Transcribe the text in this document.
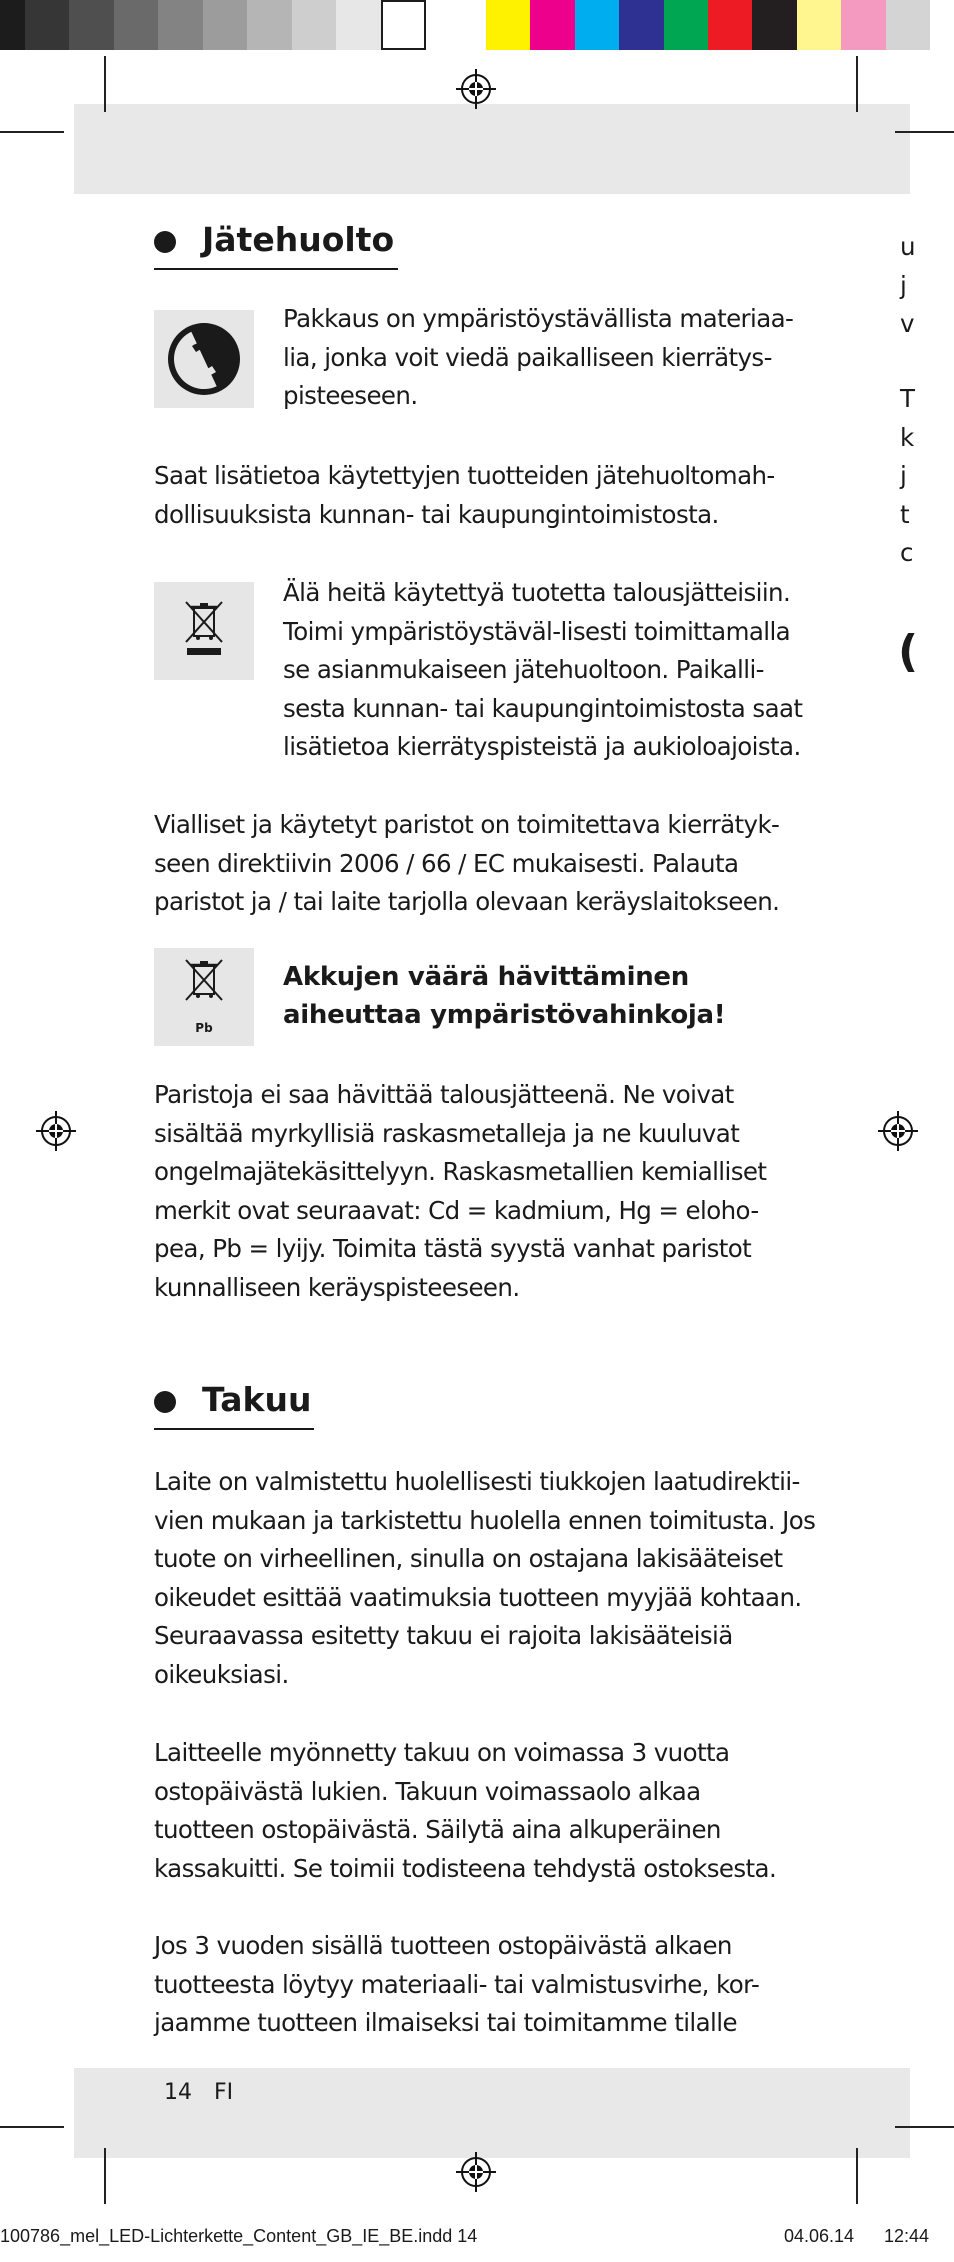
Jätehuolto
Pakkaus on ympäristöystävällista materiaa-
lia, jonka voit viedä paikalliseen kierrätys-
pisteeseen.
Saat lisätietoa käytettyjen tuotteiden jätehuoltomah-
dollisuuksista kunnan- tai kaupungintoimistosta.
Älä heitä käytettyä tuotetta talousjätteisiin.
Toimi ympäristöystäväl-lisesti toimittamalla
se asianmukaiseen jätehuoltoon. Paikalli-
sesta kunnan- tai kaupungintoimistosta saat
lisätietoa kierrätyspisteistä ja aukioloajoista.
Vialliset ja käytetyt paristot on toimitettava kierrätyk-
seen direktiivin 2006 / 66 / EC mukaisesti. Palauta
paristot ja / tai laite tarjolla olevaan keräyslaitokseen.
Pb
Akkujen väärä hävittäminen
aiheuttaa ympäristövahinkoja!
Paristoja ei saa hävittää talousjätteenä. Ne voivat
sisältää myrkyllisiä raskasmetalleja ja ne kuuluvat
ongelmajätekäsittelyyn. Raskasmetallien kemialliset
merkit ovat seuraavat: Cd = kadmium, Hg = eloho-
pea, Pb = lyijy. Toimita tästä syystä vanhat paristot
kunnalliseen keräyspisteeseen.
Takuu
Laite on valmistettu huolellisesti tiukkojen laatudirektii-
vien mukaan ja tarkistettu huolella ennen toimitusta. Jos
tuote on virheellinen, sinulla on ostajana lakisääteiset
oikeudet esittää vaatimuksia tuotteen myyjää kohtaan.
Seuraavassa esitetty takuu ei rajoita lakisääteisiä
oikeuksiasi.
Laitteelle myönnetty takuu on voimassa 3 vuotta
ostopäivästä lukien. Takuun voimassaolo alkaa
tuotteen ostopäivästä. Säilytä aina alkuperäinen
kassakuitti. Se toimii todisteena tehdystä ostoksesta.
Jos 3 vuoden sisällä tuotteen ostopäivästä alkaen
tuotteesta löytyy materiaali- tai valmistusvirhe, kor-
jaamme tuotteen ilmaiseksi tai toimitamme tilalle
u
j
v
T
k
j
t
c
(
14 FI
100786_mel_LED-Lichterkette_Content_GB_IE_BE.indd 14	04.06.14 12:44
